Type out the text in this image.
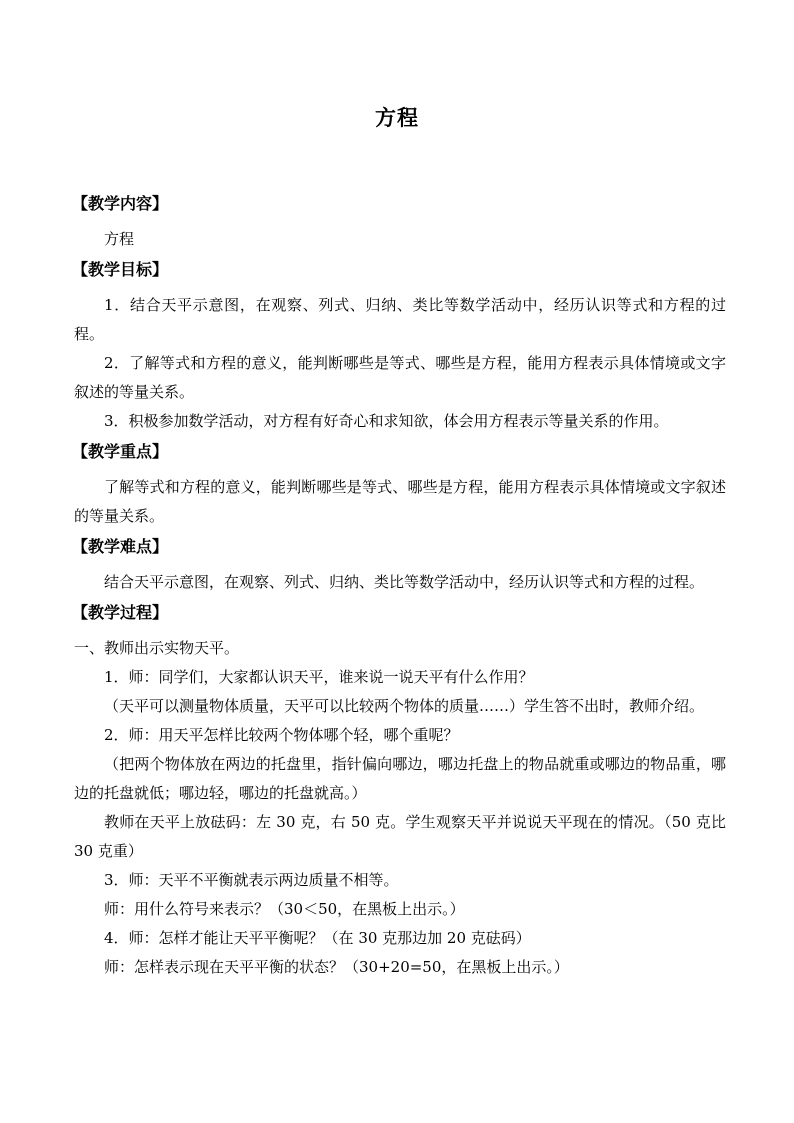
方程
【教学内容】

方程

【教学目标】

1．结合天平示意图，在观察、列式、归纳、类比等数学活动中，经历认识等式和方程的过程。

2．了解等式和方程的意义，能判断哪些是等式、哪些是方程，能用方程表示具体情境或文字叙述的等量关系。

3．积极参加数学活动，对方程有好奇心和求知欲，体会用方程表示等量关系的作用。

【教学重点】

了解等式和方程的意义，能判断哪些是等式、哪些是方程，能用方程表示具体情境或文字叙述的等量关系。

【教学难点】

结合天平示意图，在观察、列式、归纳、类比等数学活动中，经历认识等式和方程的过程。

【教学过程】

一、教师出示实物天平。

1．师：同学们，大家都认识天平，谁来说一说天平有什么作用？

（天平可以测量物体质量，天平可以比较两个物体的质量……）学生答不出时，教师介绍。

2．师：用天平怎样比较两个物体哪个轻，哪个重呢？

（把两个物体放在两边的托盘里，指针偏向哪边，哪边托盘上的物品就重或哪边的物品重，哪边的托盘就低；哪边轻，哪边的托盘就高。）

教师在天平上放砝码：左 30 克，右 50 克。学生观察天平并说说天平现在的情况。（50 克比 30 克重）

3．师：天平不平衡就表示两边质量不相等。

师：用什么符号来表示？（30＜50，在黑板上出示。）

4．师：怎样才能让天平平衡呢？（在 30 克那边加 20 克砝码）

师：怎样表示现在天平平衡的状态？（30+20=50，在黑板上出示。）
